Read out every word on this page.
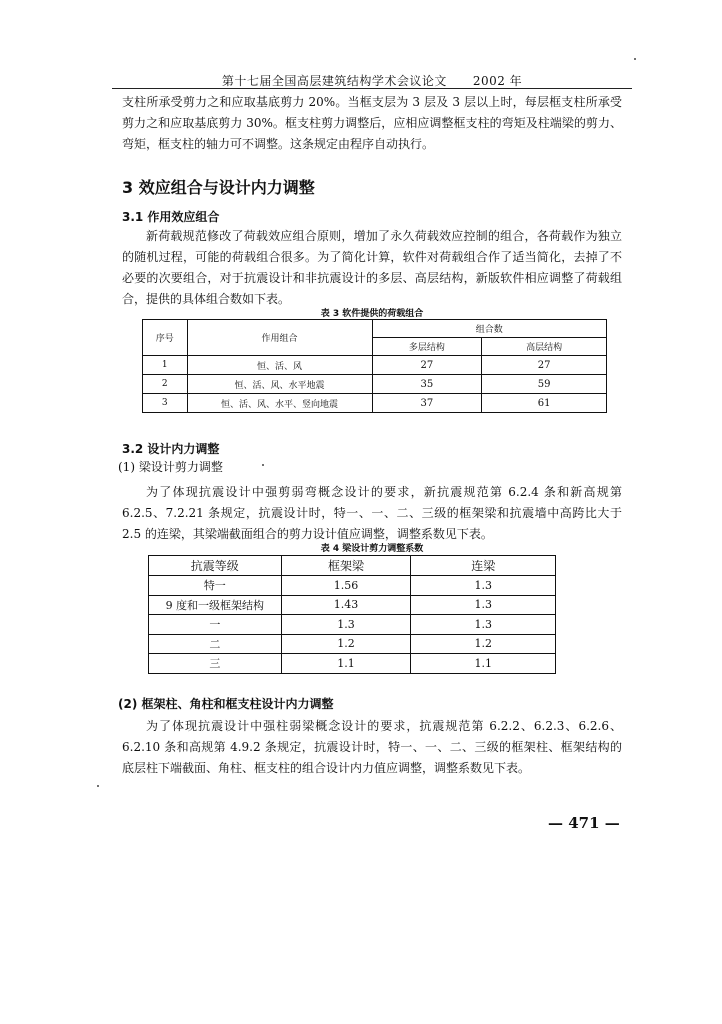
第十七届全国高层建筑结构学术会议论文 2002 年
支柱所承受剪力之和应取基底剪力 20%。当框支层为 3 层及 3 层以上时，每层框支柱所承受剪力之和应取基底剪力 30%。框支柱剪力调整后，应相应调整框支柱的弯矩及柱端梁的剪力、弯矩，框支柱的轴力可不调整。这条规定由程序自动执行。
3 效应组合与设计内力调整
3.1 作用效应组合
新荷载规范修改了荷载效应组合原则，增加了永久荷载效应控制的组合，各荷载作为独立的随机过程，可能的荷载组合很多。为了简化计算，软件对荷载组合作了适当简化，去掉了不必要的次要组合，对于抗震设计和非抗震设计的多层、高层结构，新版软件相应调整了荷载组合，提供的具体组合数如下表。
表 3 软件提供的荷载组合
序号	作用组合	组合数	
		多层结构	高层结构
1	恒、活、风	27	27
2	恒、活、风、水平地震	35	59
3	恒、活、风、水平、竖向地震	37	61
3.2 设计内力调整
(1) 梁设计剪力调整
为了体现抗震设计中强剪弱弯概念设计的要求，新抗震规范第 6.2.4 条和新高规第 6.2.5、7.2.21 条规定，抗震设计时，特一、一、二、三级的框架梁和抗震墙中高跨比大于 2.5 的连梁，其梁端截面组合的剪力设计值应调整，调整系数见下表。
表 4 梁设计剪力调整系数
抗震等级	框架梁	连梁
特一	1.56	1.3
9 度和一级框架结构	1.43	1.3
一	1.3	1.3
二	1.2	1.2
三	1.1	1.1
(2) 框架柱、角柱和框支柱设计内力调整
为了体现抗震设计中强柱弱梁概念设计的要求，抗震规范第 6.2.2、6.2.3、6.2.6、6.2.10 条和高规第 4.9.2 条规定，抗震设计时，特一、一、二、三级的框架柱、框架结构的底层柱下端截面、角柱、框支柱的组合设计内力值应调整，调整系数见下表。
— 471 —
